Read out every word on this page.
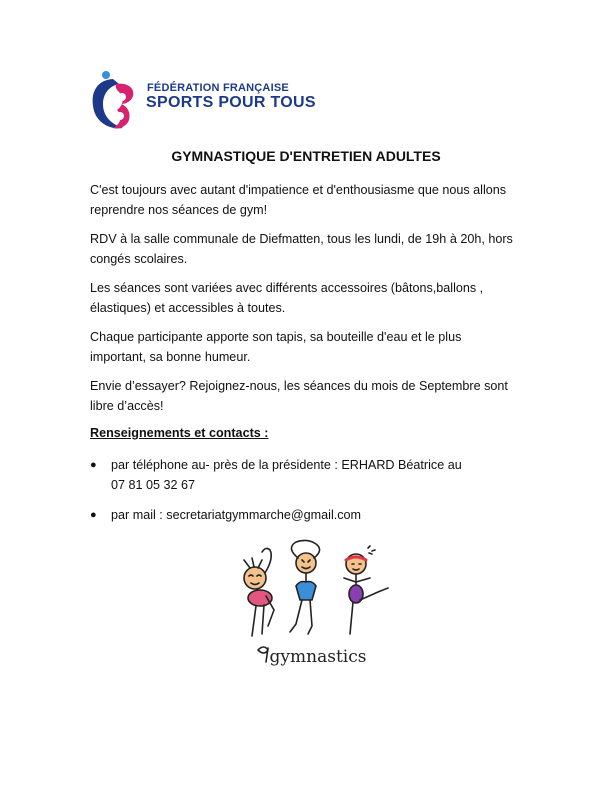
FÉDÉRATION FRANÇAISE
SPORTS POUR TOUS
GYMNASTIQUE D'ENTRETIEN ADULTES
C'est toujours avec autant d'impatience et d'enthousiasme que nous allons
reprendre nos séances de gym!
RDV à la salle communale de Diefmatten, tous les lundi, de 19h à 20h, hors
congés scolaires.
Les séances sont variées avec différents accessoires (bâtons,ballons ,
élastiques) et accessibles à toutes.
Chaque participante apporte son tapis, sa bouteille d'eau et le plus
important, sa bonne humeur.
Envie d’essayer? Rejoignez-nous, les séances du mois de Septembre sont
libre d’accès!
Renseignements et contacts :
● par téléphone au- près de la présidente : ERHARD Béatrice au
07 81 05 32 67
● par mail : secretariatgymmarche@gmail.com
gymnastics
